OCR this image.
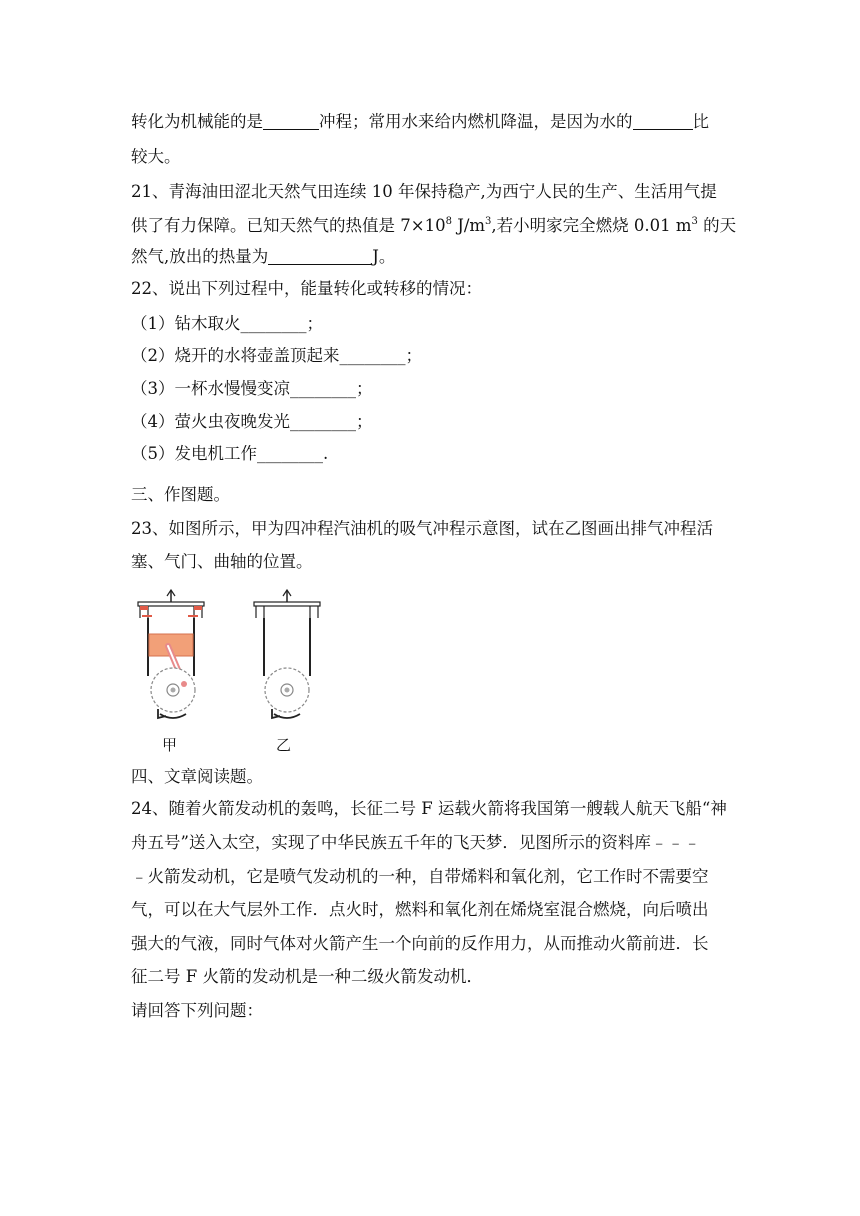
转化为机械能的是	冲程；常用水来给内燃机降温，是因为水的	比
较大。
21、青海油田涩北天然气田连续 10 年保持稳产,为西宁人民的生产、生活用气提
供了有力保障。已知天然气的热值是 $7\times 10^8$ $J/m^3$,若小明家完全燃烧 0.01 $m^3$ 的天
然气,放出的热量为	J。
22、说出下列过程中，能量转化或转移的情况：
（1）钻木取火________；
（2）烧开的水将壶盖顶起来________；
（3）一杯水慢慢变凉________；
（4）萤火虫夜晚发光________；
（5）发电机工作________.
三、作图题。
23、如图所示，甲为四冲程汽油机的吸气冲程示意图，试在乙图画出排气冲程活
塞、气门、曲轴的位置。
甲	乙
四、文章阅读题。
24、随着火箭发动机的轰鸣，长征二号 F 运载火箭将我国第一艘载人航天飞船“神
舟五号”送入太空，实现了中华民族五千年的飞天梦．见图所示的资料库﹣﹣﹣
﹣火箭发动机，它是喷气发动机的一种，自带烯料和氧化剂，它工作时不需要空
气，可以在大气层外工作．点火时，燃料和氧化剂在烯烧室混合燃烧，向后喷出
强大的气液，同时气体对火箭产生一个向前的反作用力，从而推动火箭前进．长
征二号 F 火箭的发动机是一种二级火箭发动机．
请回答下列问题：
